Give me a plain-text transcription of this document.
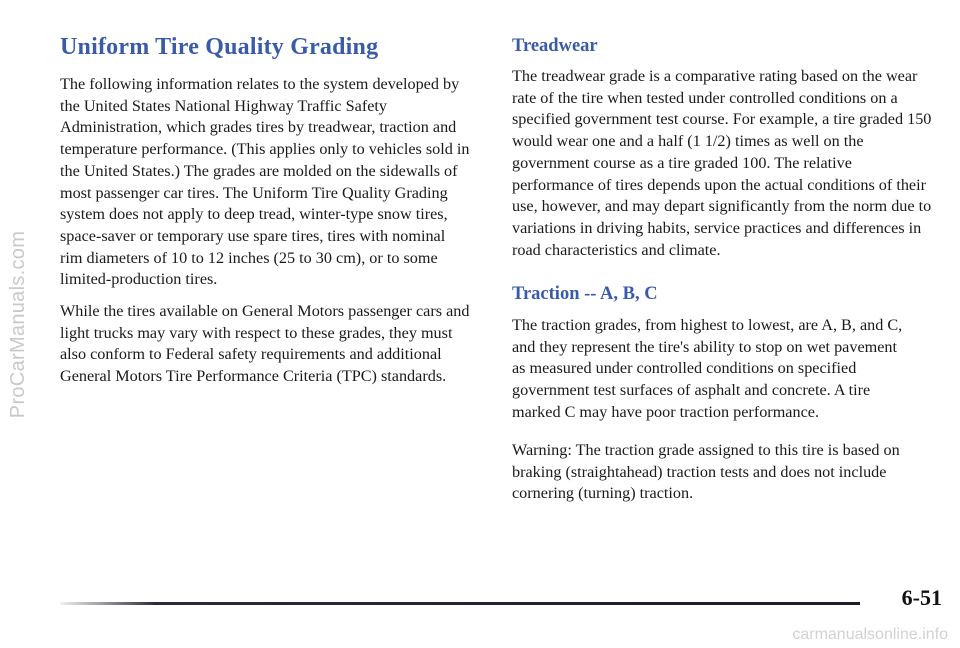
ProCarManuals.com
Uniform Tire Quality Grading

The following information relates to the system developed by the United States National Highway Traffic Safety Administration, which grades tires by treadwear, traction and temperature performance. (This applies only to vehicles sold in the United States.) The grades are molded on the sidewalls of most passenger car tires. The Uniform Tire Quality Grading system does not apply to deep tread, winter-type snow tires, space-saver or temporary use spare tires, tires with nominal rim diameters of 10 to 12 inches (25 to 30 cm), or to some limited-production tires.

While the tires available on General Motors passenger cars and light trucks may vary with respect to these grades, they must also conform to Federal safety requirements and additional General Motors Tire Performance Criteria (TPC) standards.

Treadwear

The treadwear grade is a comparative rating based on the wear rate of the tire when tested under controlled conditions on a specified government test course. For example, a tire graded 150 would wear one and a half (1 1/2) times as well on the government course as a tire graded 100. The relative performance of tires depends upon the actual conditions of their use, however, and may depart significantly from the norm due to variations in driving habits, service practices and differences in road characteristics and climate.

Traction -- A, B, C

The traction grades, from highest to lowest, are A, B, and C, and they represent the tire's ability to stop on wet pavement as measured under controlled conditions on specified government test surfaces of asphalt and concrete. A tire marked C may have poor traction performance.

Warning: The traction grade assigned to this tire is based on braking (straightahead) traction tests and does not include cornering (turning) traction.

6-51
carmanualsonline.info
